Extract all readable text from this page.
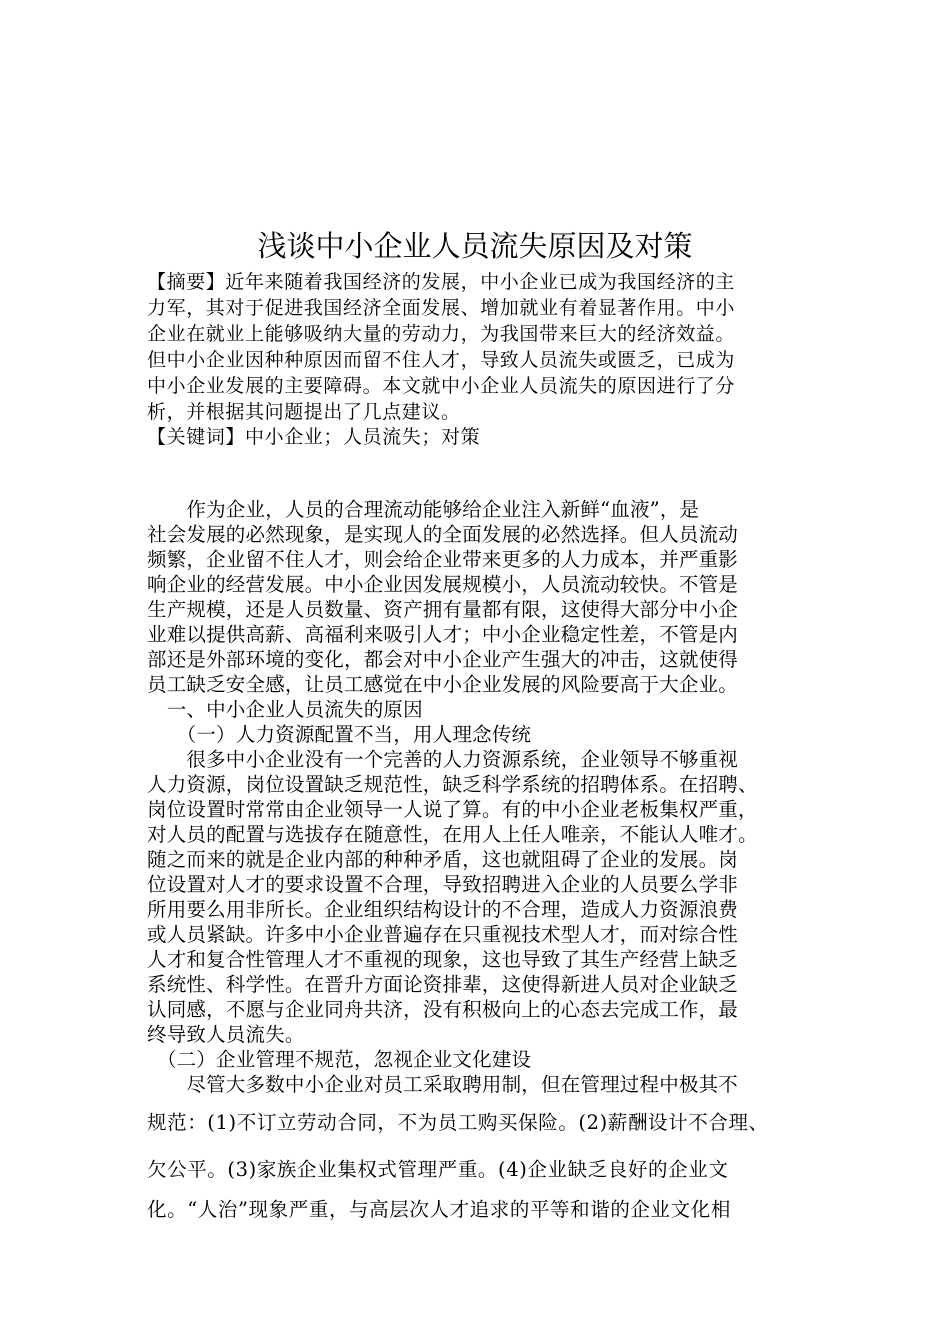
浅谈中小企业人员流失原因及对策

【摘要】近年来随着我国经济的发展，中小企业已成为我国经济的主

力军，其对于促进我国经济全面发展、增加就业有着显著作用。中小

企业在就业上能够吸纳大量的劳动力，为我国带来巨大的经济效益。

但中小企业因种种原因而留不住人才，导致人员流失或匮乏，已成为

中小企业发展的主要障碍。本文就中小企业人员流失的原因进行了分

析，并根据其问题提出了几点建议。

【关键词】中小企业；人员流失；对策

　　作为企业，人员的合理流动能够给企业注入新鲜“血液”，是

社会发展的必然现象，是实现人的全面发展的必然选择。但人员流动

频繁，企业留不住人才，则会给企业带来更多的人力成本，并严重影

响企业的经营发展。中小企业因发展规模小，人员流动较快。不管是

生产规模，还是人员数量、资产拥有量都有限，这使得大部分中小企

业难以提供高薪、高福利来吸引人才；中小企业稳定性差，不管是内

部还是外部环境的变化，都会对中小企业产生强大的冲击，这就使得

员工缺乏安全感，让员工感觉在中小企业发展的风险要高于大企业。

　一、中小企业人员流失的原因

　　（一）人力资源配置不当，用人理念传统

　　很多中小企业没有一个完善的人力资源系统，企业领导不够重视

人力资源，岗位设置缺乏规范性，缺乏科学系统的招聘体系。在招聘、

岗位设置时常常由企业领导一人说了算。有的中小企业老板集权严重，

对人员的配置与选拔存在随意性，在用人上任人唯亲，不能认人唯才。

随之而来的就是企业内部的种种矛盾，这也就阻碍了企业的发展。岗

位设置对人才的要求设置不合理，导致招聘进入企业的人员要么学非

所用要么用非所长。企业组织结构设计的不合理，造成人力资源浪费

或人员紧缺。许多中小企业普遍存在只重视技术型人才，而对综合性

人才和复合性管理人才不重视的现象，这也导致了其生产经营上缺乏

系统性、科学性。在晋升方面论资排辈，这使得新进人员对企业缺乏

认同感，不愿与企业同舟共济，没有积极向上的心态去完成工作，最

终导致人员流失。

　（二）企业管理不规范，忽视企业文化建设

　　尽管大多数中小企业对员工采取聘用制，但在管理过程中极其不

规范：(1)不订立劳动合同，不为员工购买保险。(2)薪酬设计不合理、

欠公平。(3)家族企业集权式管理严重。(4)企业缺乏良好的企业文

化。“人治”现象严重，与高层次人才追求的平等和谐的企业文化相
